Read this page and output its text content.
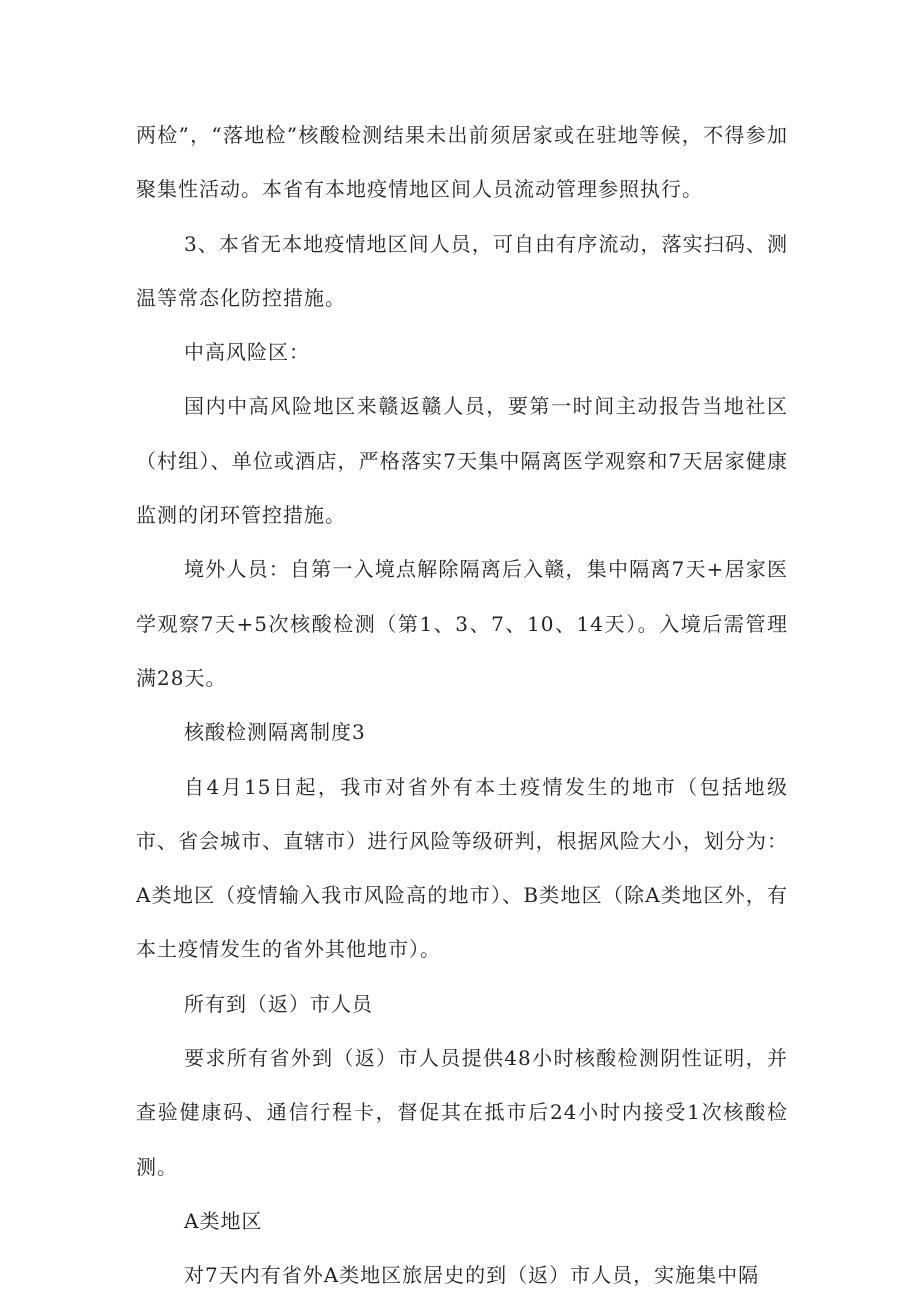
两检”，“落地检”核酸检测结果未出前须居家或在驻地等候，不得参加聚集性活动。本省有本地疫情地区间人员流动管理参照执行。

3、本省无本地疫情地区间人员，可自由有序流动，落实扫码、测温等常态化防控措施。

中高风险区：

国内中高风险地区来赣返赣人员，要第一时间主动报告当地社区（村组）、单位或酒店，严格落实7天集中隔离医学观察和7天居家健康监测的闭环管控措施。

境外人员：自第一入境点解除隔离后入赣，集中隔离7天+居家医学观察7天+5次核酸检测（第1、3、7、10、14天）。入境后需管理满28天。

核酸检测隔离制度3

自4月15日起，我市对省外有本土疫情发生的地市（包括地级市、省会城市、直辖市）进行风险等级研判，根据风险大小，划分为：A类地区（疫情输入我市风险高的地市）、B类地区（除A类地区外，有本土疫情发生的省外其他地市）。

所有到（返）市人员

要求所有省外到（返）市人员提供48小时核酸检测阴性证明，并查验健康码、通信行程卡，督促其在抵市后24小时内接受1次核酸检测。

A类地区

对7天内有省外A类地区旅居史的到（返）市人员，实施集中隔
